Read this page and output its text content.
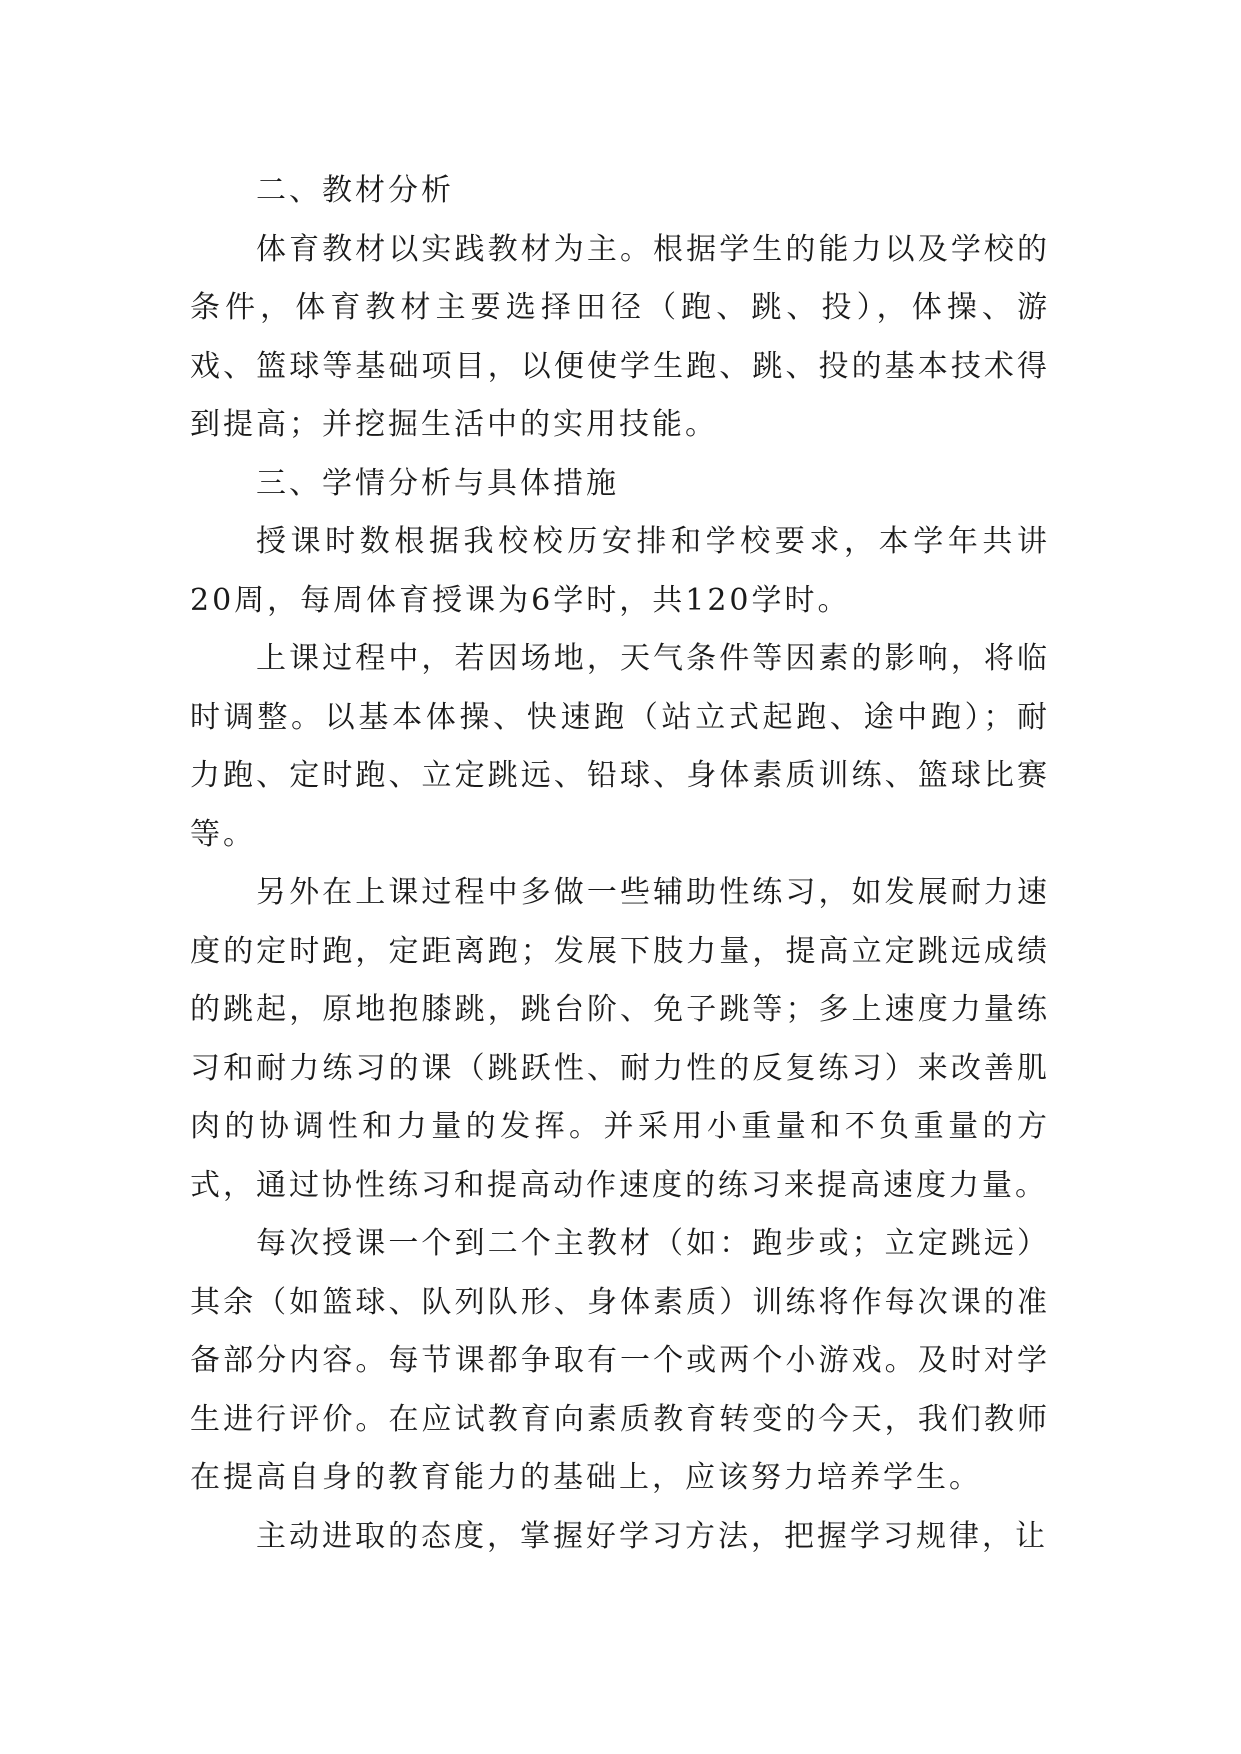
二、教材分析

体育教材以实践教材为主。根据学生的能力以及学校的条件，体育教材主要选择田径（跑、跳、投），体操、游戏、篮球等基础项目，以便使学生跑、跳、投的基本技术得到提高；并挖掘生活中的实用技能。

三、学情分析与具体措施

授课时数根据我校校历安排和学校要求，本学年共讲20周，每周体育授课为6学时，共120学时。

上课过程中，若因场地，天气条件等因素的影响，将临时调整。以基本体操、快速跑（站立式起跑、途中跑）；耐力跑、定时跑、立定跳远、铅球、身体素质训练、篮球比赛等。

另外在上课过程中多做一些辅助性练习，如发展耐力速度的定时跑，定距离跑；发展下肢力量，提高立定跳远成绩的跳起，原地抱膝跳，跳台阶、免子跳等；多上速度力量练习和耐力练习的课（跳跃性、耐力性的反复练习）来改善肌肉的协调性和力量的发挥。并采用小重量和不负重量的方式，通过协性练习和提高动作速度的练习来提高速度力量。

每次授课一个到二个主教材（如：跑步或；立定跳远）其余（如篮球、队列队形、身体素质）训练将作每次课的准备部分内容。每节课都争取有一个或两个小游戏。及时对学生进行评价。在应试教育向素质教育转变的今天，我们教师在提高自身的教育能力的基础上，应该努力培养学生。

主动进取的态度，掌握好学习方法，把握学习规律，让
